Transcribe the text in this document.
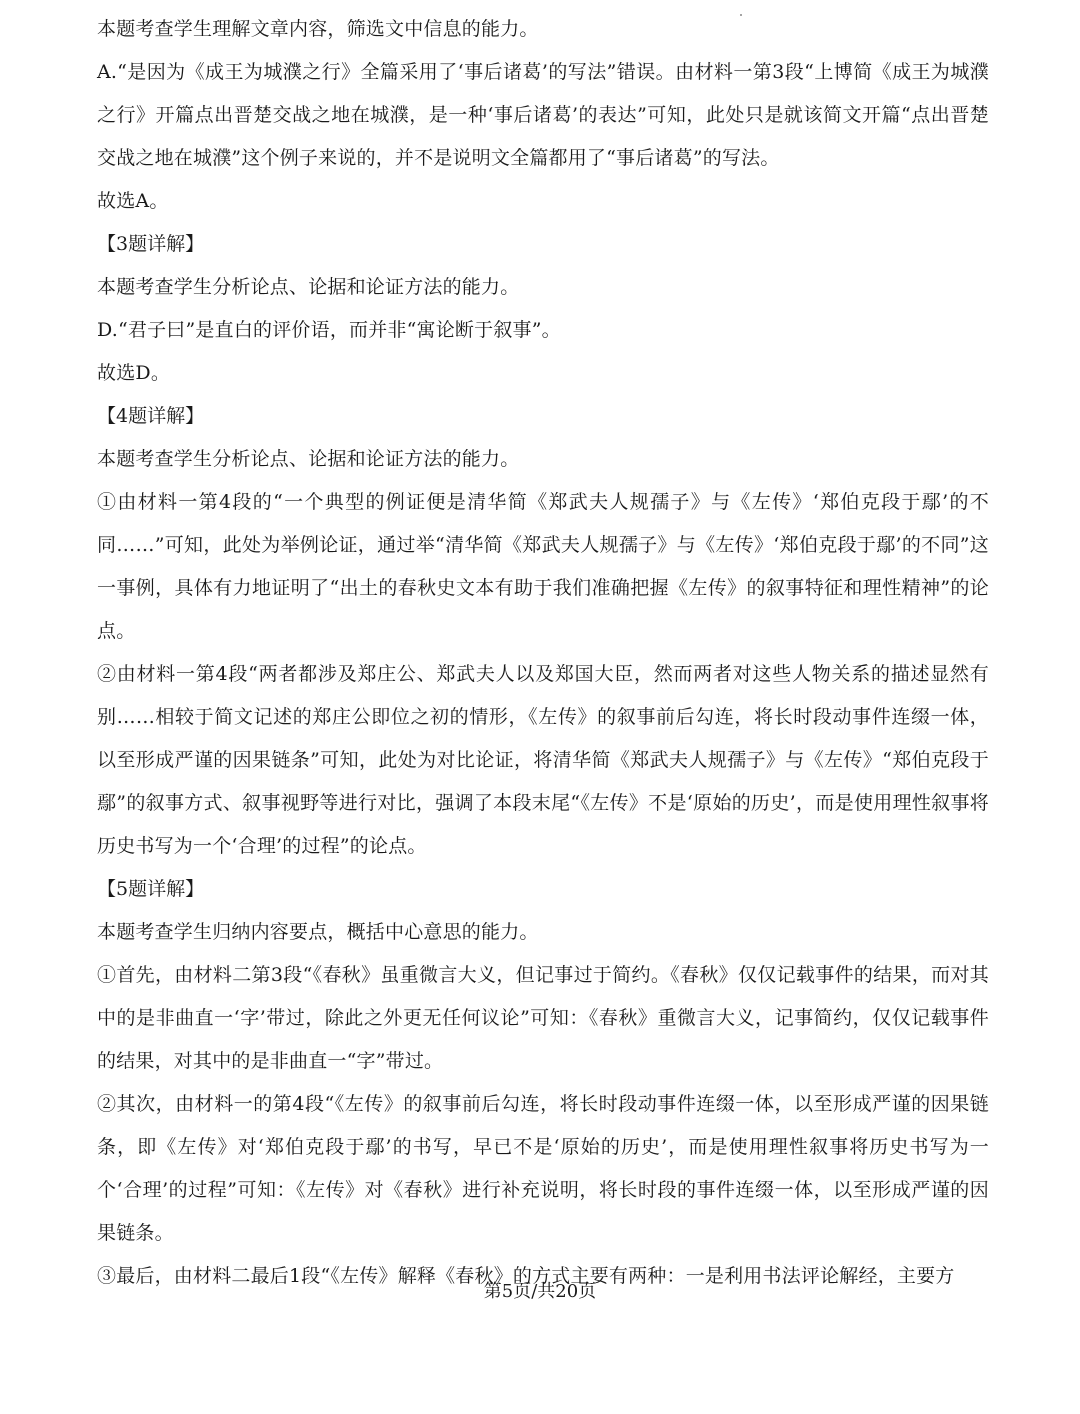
本题考查学生理解文章内容，筛选文中信息的能力。

A.“是因为《成王为城濮之行》全篇采用了‘事后诸葛’的写法”错误。由材料一第3段“上博简《成王为城濮之行》开篇点出晋楚交战之地在城濮，是一种‘事后诸葛’的表达”可知，此处只是就该简文开篇“点出晋楚交战之地在城濮”这个例子来说的，并不是说明文全篇都用了“事后诸葛”的写法。

故选A。

【3题详解】

本题考查学生分析论点、论据和论证方法的能力。

D.“君子曰”是直白的评价语，而并非“寓论断于叙事”。

故选D。

【4题详解】

本题考查学生分析论点、论据和论证方法的能力。

①由材料一第4段的“一个典型的例证便是清华简《郑武夫人规孺子》与《左传》‘郑伯克段于鄢’的不同……”可知，此处为举例论证，通过举“清华简《郑武夫人规孺子》与《左传》‘郑伯克段于鄢’的不同”这一事例，具体有力地证明了“出土的春秋史文本有助于我们准确把握《左传》的叙事特征和理性精神”的论点。

②由材料一第4段“两者都涉及郑庄公、郑武夫人以及郑国大臣，然而两者对这些人物关系的描述显然有别……相较于简文记述的郑庄公即位之初的情形，《左传》的叙事前后勾连，将长时段动事件连缀一体，以至形成严谨的因果链条”可知，此处为对比论证，将清华简《郑武夫人规孺子》与《左传》“郑伯克段于鄢”的叙事方式、叙事视野等进行对比，强调了本段末尾“《左传》不是‘原始的历史’，而是使用理性叙事将历史书写为一个‘合理’的过程”的论点。

【5题详解】

本题考查学生归纳内容要点，概括中心意思的能力。

①首先，由材料二第3段“《春秋》虽重微言大义，但记事过于简约。《春秋》仅仅记载事件的结果，而对其中的是非曲直一‘字’带过，除此之外更无任何议论”可知：《春秋》重微言大义，记事简约，仅仅记载事件的结果，对其中的是非曲直一“字”带过。

②其次，由材料一的第4段“《左传》的叙事前后勾连，将长时段动事件连缀一体，以至形成严谨的因果链条，即《左传》对‘郑伯克段于鄢’的书写，早已不是‘原始的历史’，而是使用理性叙事将历史书写为一个‘合理’的过程”可知：《左传》对《春秋》进行补充说明，将长时段的事件连缀一体，以至形成严谨的因果链条。

③最后，由材料二最后1段“《左传》解释《春秋》的方式主要有两种：一是利用书法评论解经，主要方

第5页/共20页
